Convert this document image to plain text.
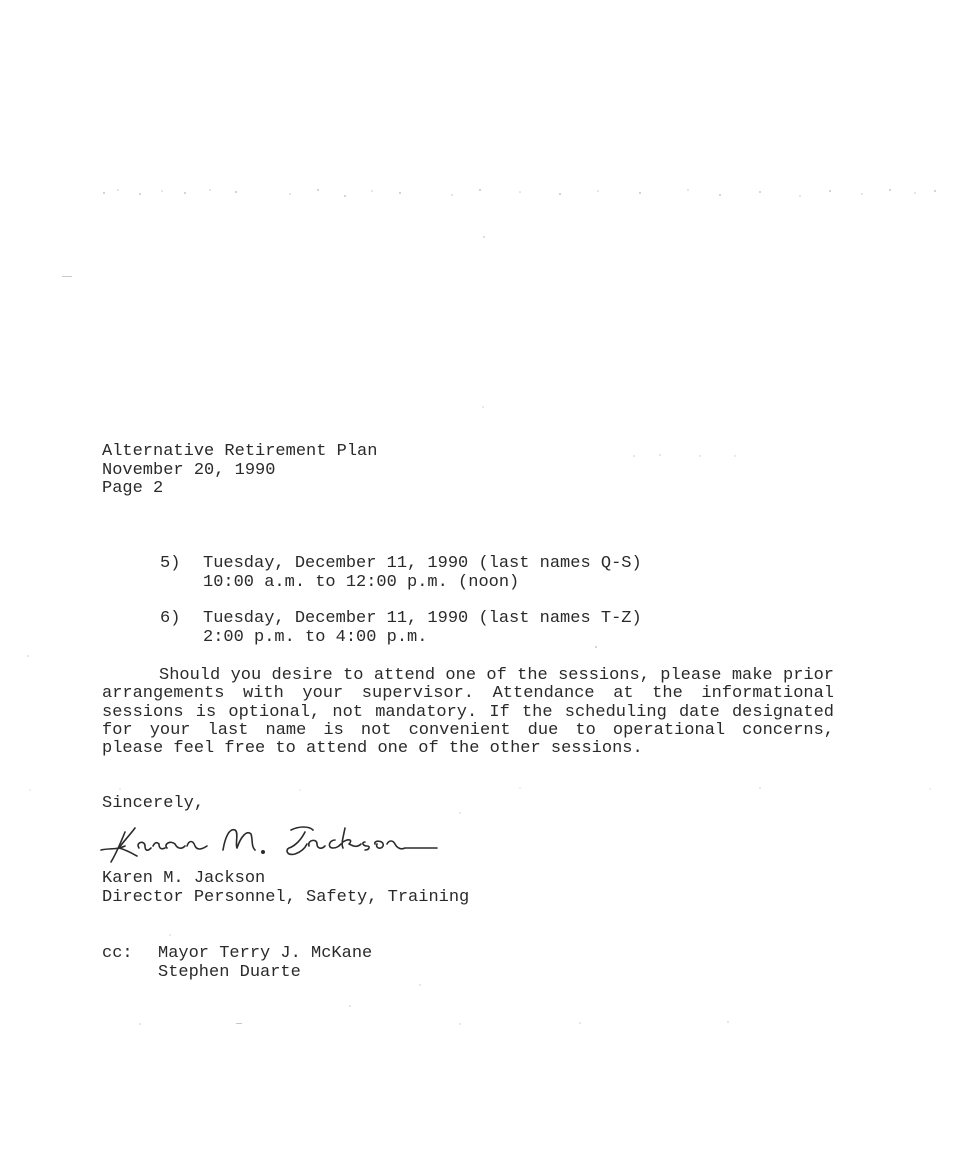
Alternative Retirement Plan
November 20, 1990
Page 2
5)	Tuesday, December 11, 1990 (last names Q-S)
10:00 a.m. to 12:00 p.m. (noon)
6)	Tuesday, December 11, 1990 (last names T-Z)
2:00 p.m. to 4:00 p.m.

Should you desire to attend one of the sessions, please make prior arrangements with your supervisor. Attendance at the informational sessions is optional, not mandatory. If the scheduling date designated for your last name is not convenient due to operational concerns, please feel free to attend one of the other sessions.

Sincerely,
Karen M. Jackson
Director Personnel, Safety, Training
cc:	Mayor Terry J. McKane
Stephen Duarte
